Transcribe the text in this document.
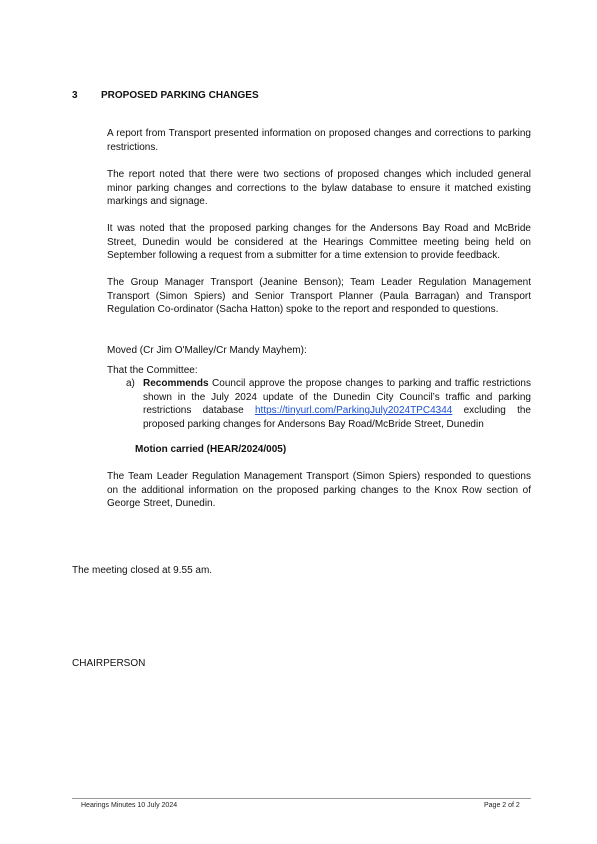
3 PROPOSED PARKING CHANGES

A report from Transport presented information on proposed changes and corrections to parking restrictions.

The report noted that there were two sections of proposed changes which included general minor parking changes and corrections to the bylaw database to ensure it matched existing markings and signage.

It was noted that the proposed parking changes for the Andersons Bay Road and McBride Street, Dunedin would be considered at the Hearings Committee meeting being held on September following a request from a submitter for a time extension to provide feedback.

The Group Manager Transport (Jeanine Benson); Team Leader Regulation Management Transport (Simon Spiers) and Senior Transport Planner (Paula Barragan) and Transport Regulation Co-ordinator (Sacha Hatton) spoke to the report and responded to questions.

Moved (Cr Jim O'Malley/Cr Mandy Mayhem):
That the Committee:
a) Recommends Council approve the propose changes to parking and traffic restrictions shown in the July 2024 update of the Dunedin City Council’s traffic and parking restrictions database https://tinyurl.com/ParkingJuly2024TPC4344 excluding the proposed parking changes for Andersons Bay Road/McBride Street, Dunedin

Motion carried (HEAR/2024/005)

The Team Leader Regulation Management Transport (Simon Spiers) responded to questions on the additional information on the proposed parking changes to the Knox Row section of George Street, Dunedin.

The meeting closed at 9.55 am.
CHAIRPERSON
Hearings Minutes 10 July 2024	Page 2 of 2
